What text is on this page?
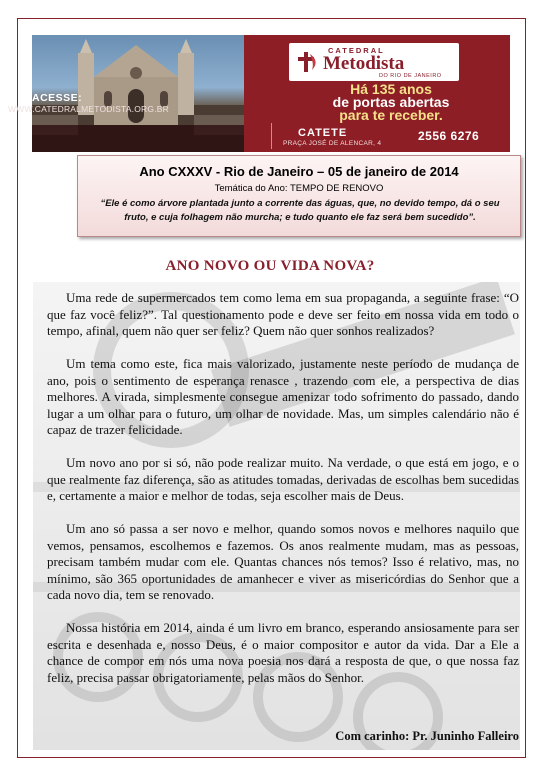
ACESSE:
WWW.CATEDRALMETODISTA.ORG.BR
CATEDRAL
Metodista
DO RIO DE JANEIRO
Há 135 anos
de portas abertas
para te receber.
CATETE
PRAÇA JOSÉ DE ALENCAR, 4
2556 6276
Ano CXXXV - Rio de Janeiro – 05 de janeiro de 2014
Temática do Ano: TEMPO DE RENOVO
“Ele é como árvore plantada junto a corrente das águas, que, no devido tempo, dá o seu fruto, e cuja folhagem não murcha; e tudo quanto ele faz será bem sucedido”.
ANO NOVO OU VIDA NOVA?

Uma rede de supermercados tem como lema em sua propaganda, a seguinte frase: “O que faz você feliz?”. Tal questionamento pode e deve ser feito em nossa vida em todo o tempo, afinal, quem não quer ser feliz? Quem não quer sonhos realizados?

Um tema como este, fica mais valorizado, justamente neste período de mudança de ano, pois o sentimento de esperança renasce , trazendo com ele, a perspectiva de dias melhores. A virada, simplesmente consegue amenizar todo sofrimento do passado, dando lugar a um olhar para o futuro, um olhar de novidade. Mas, um simples calendário não é capaz de trazer felicidade.

Um novo ano por si só, não pode realizar muito. Na verdade, o que está em jogo, e o que realmente faz diferença, são as atitudes tomadas, derivadas de escolhas bem sucedidas e, certamente a maior e melhor de todas, seja escolher mais de Deus.

Um ano só passa a ser novo e melhor, quando somos novos e melhores naquilo que vemos, pensamos, escolhemos e fazemos. Os anos realmente mudam, mas as pessoas, precisam também mudar com ele. Quantas chances nós temos? Isso é relativo, mas, no mínimo, são 365 oportunidades de amanhecer e viver as misericórdias do Senhor que a cada novo dia, tem se renovado.

Nossa história em 2014, ainda é um livro em branco, esperando ansiosamente para ser escrita e desenhada e, nosso Deus, é o maior compositor e autor da vida. Dar a Ele a chance de compor em nós uma nova poesia nos dará a resposta de que, o que nossa faz feliz, precisa passar obrigatoriamente, pelas mãos do Senhor.

Com carinho: Pr. Juninho Falleiro
